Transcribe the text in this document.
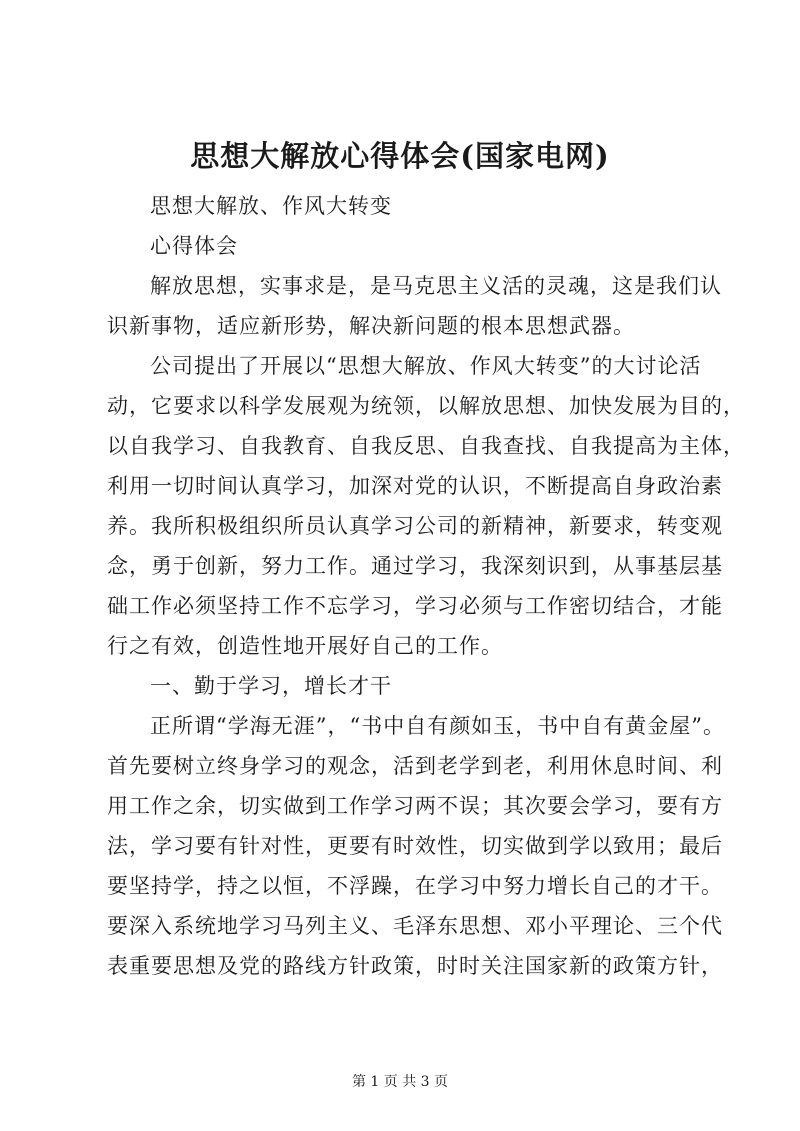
思想大解放心得体会(国家电网)
思想大解放、作风大转变
心得体会
解放思想，实事求是，是马克思主义活的灵魂，这是我们认
识新事物，适应新形势，解决新问题的根本思想武器。
公司提出了开展以“思想大解放、作风大转变”的大讨论活
动，它要求以科学发展观为统领，以解放思想、加快发展为目的，
以自我学习、自我教育、自我反思、自我查找、自我提高为主体，
利用一切时间认真学习，加深对党的认识，不断提高自身政治素
养。我所积极组织所员认真学习公司的新精神，新要求，转变观
念，勇于创新，努力工作。通过学习，我深刻识到，从事基层基
础工作必须坚持工作不忘学习，学习必须与工作密切结合，才能
行之有效，创造性地开展好自己的工作。
一、勤于学习，增长才干
正所谓“学海无涯”，“书中自有颜如玉，书中自有黄金屋”。
首先要树立终身学习的观念，活到老学到老，利用休息时间、利
用工作之余，切实做到工作学习两不误；其次要会学习，要有方
法，学习要有针对性，更要有时效性，切实做到学以致用；最后
要坚持学，持之以恒，不浮躁，在学习中努力增长自己的才干。
要深入系统地学习马列主义、毛泽东思想、邓小平理论、三个代
表重要思想及党的路线方针政策，时时关注国家新的政策方针，
第 1 页 共 3 页
